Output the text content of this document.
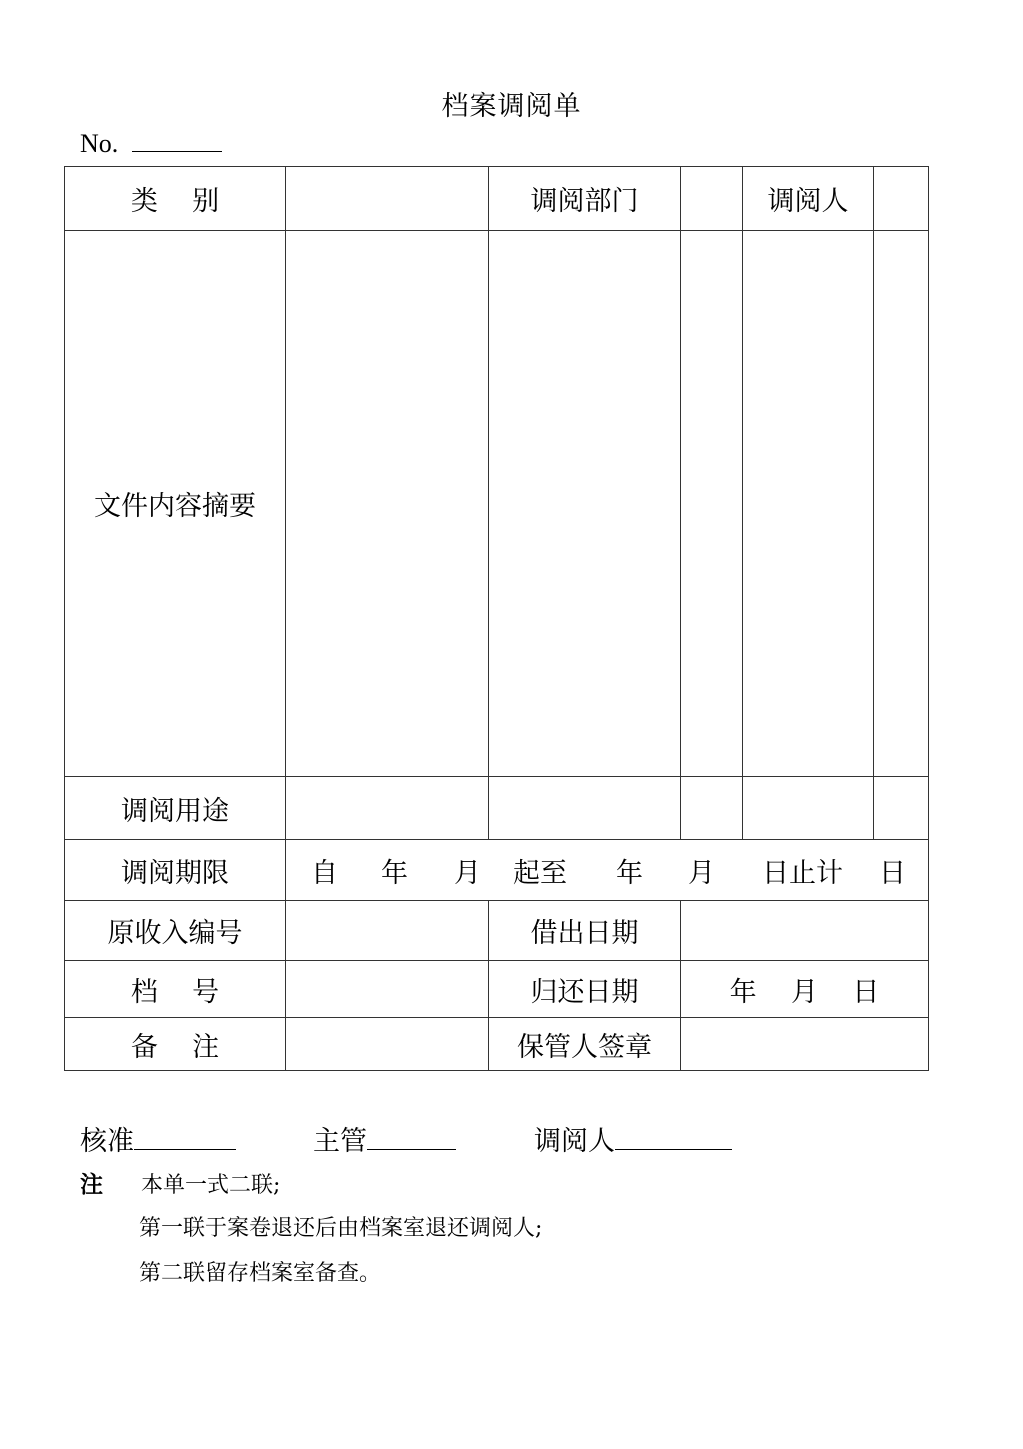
档案调阅单
No.
类    别	调阅部门	调阅人
文件内容摘要
调阅用途
调阅期限	自 年 月 起至 年 月 日止计 日
原收入编号	借出日期
档    号	归还日期	年    月    日
备    注	保管人签章
核准	主管	调阅人
注 本单一式二联;
第一联于案卷退还后由档案室退还调阅人;
第二联留存档案室备查。
